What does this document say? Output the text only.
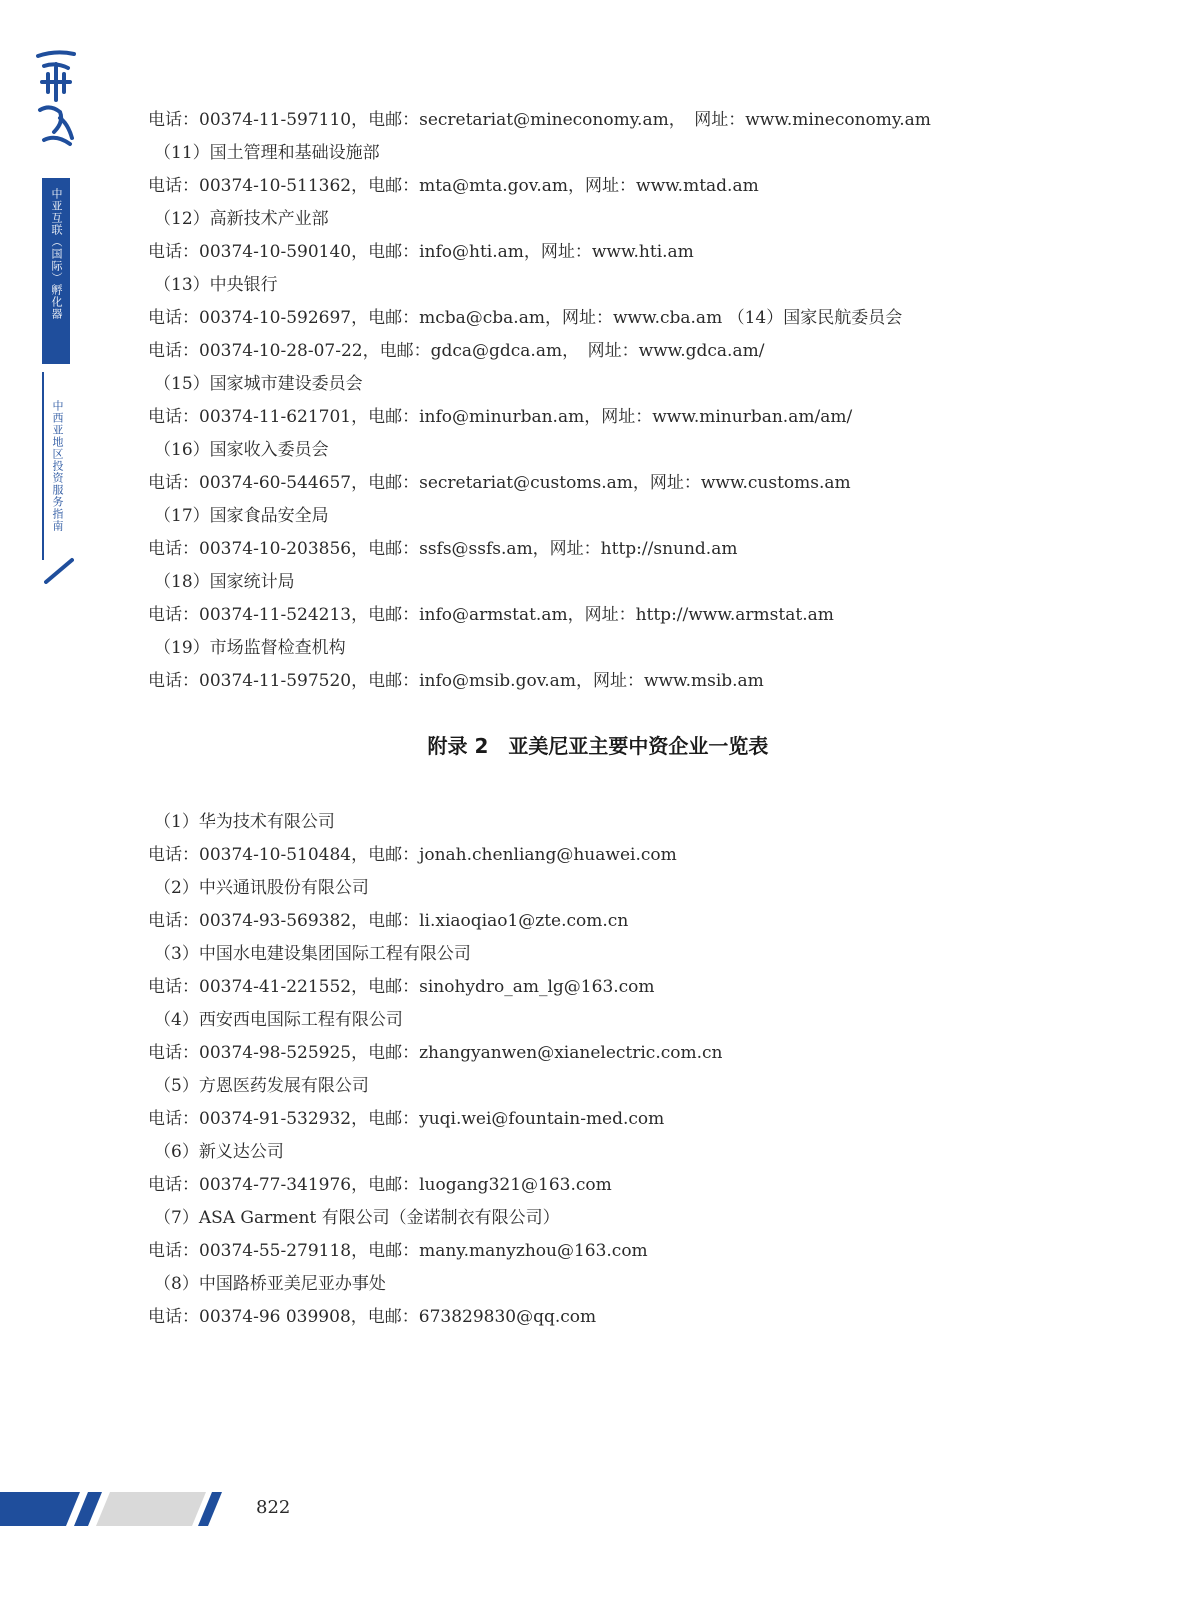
中亚互联（国际）孵化器
中西亚地区投资服务指南
电话：00374-11-597110，电邮：secretariat@mineconomy.am，　网址：www.mineconomy.am
（11）国土管理和基础设施部
电话：00374-10-511362，电邮：mta@mta.gov.am，网址：www.mtad.am
（12）高新技术产业部
电话：00374-10-590140，电邮：info@hti.am，网址：www.hti.am
（13）中央银行
电话：00374-10-592697，电邮：mcba@cba.am，网址：www.cba.am （14）国家民航委员会
电话：00374-10-28-07-22，电邮：gdca@gdca.am，　网址：www.gdca.am/
（15）国家城市建设委员会
电话：00374-11-621701，电邮：info@minurban.am，网址：www.minurban.am/am/
（16）国家收入委员会
电话：00374-60-544657，电邮：secretariat@customs.am，网址：www.customs.am
（17）国家食品安全局
电话：00374-10-203856，电邮：ssfs@ssfs.am，网址：http://snund.am
（18）国家统计局
电话：00374-11-524213，电邮：info@armstat.am，网址：http://www.armstat.am
（19）市场监督检查机构
电话：00374-11-597520，电邮：info@msib.gov.am，网址：www.msib.am
附录 2　亚美尼亚主要中资企业一览表
（1）华为技术有限公司
电话：00374-10-510484，电邮：jonah.chenliang@huawei.com
（2）中兴通讯股份有限公司
电话：00374-93-569382，电邮：li.xiaoqiao1@zte.com.cn
（3）中国水电建设集团国际工程有限公司
电话：00374-41-221552，电邮：sinohydro_am_lg@163.com
（4）西安西电国际工程有限公司
电话：00374-98-525925，电邮：zhangyanwen@xianelectric.com.cn
（5）方恩医药发展有限公司
电话：00374-91-532932，电邮：yuqi.wei@fountain-med.com
（6）新义达公司
电话：00374-77-341976，电邮：luogang321@163.com
（7）ASA Garment 有限公司（金诺制衣有限公司）
电话：00374-55-279118，电邮：many.manyzhou@163.com
（8）中国路桥亚美尼亚办事处
电话：00374-96 039908，电邮：673829830@qq.com
822
